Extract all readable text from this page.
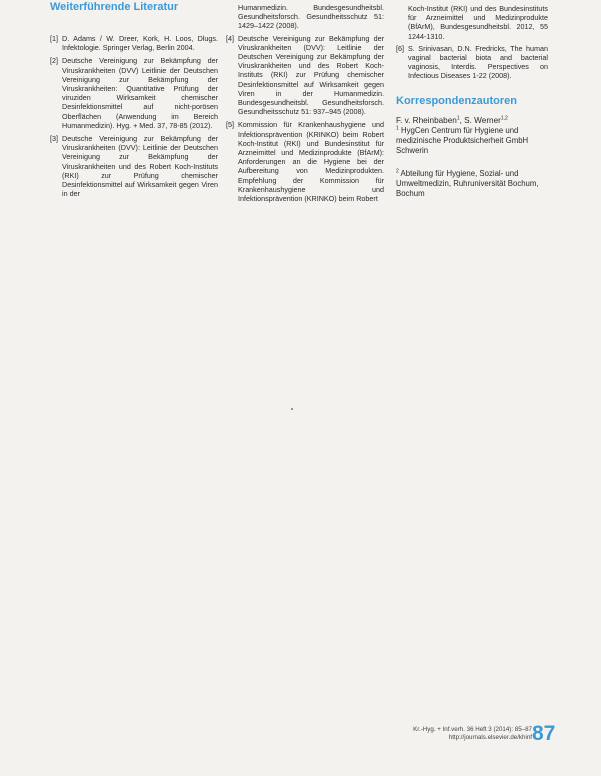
Weiterführende Literatur
[1] D. Adams / W. Dreer, Kork, H. Loos, Dlugs. Infektologie. Springer Verlag, Berlin 2004.
[2] Deutsche Vereinigung zur Bekämpfung der Viruskrankheiten (DVV) Leitlinie der Deutschen Vereinigung zur Bekämpfung der Viruskrankheiten: Quantitative Prüfung der viruziden Wirksamkeit chemischer Desinfektionsmittel auf nicht-porösen Oberflächen (Anwendung im Bereich Humanmedizin). Hyg. + Med. 37, 78-85 (2012).
[3] Deutsche Vereinigung zur Bekämpfung der Viruskrankheiten (DVV): Leitlinie der Deutschen Vereinigung zur Bekämpfung der Viruskrankheiten und des Robert Koch-Instituts (RKI) zur Prüfung chemischer Desinfektionsmittel auf Wirksamkeit gegen Viren in der
Humanmedizin. Bundesgesundheitsbl. Gesundheitsforsch. Gesundheitsschutz 51: 1429–1422 (2008).
[4] Deutsche Vereinigung zur Bekämpfung der Viruskrankheiten (DVV): Leitlinie der Deutschen Vereinigung zur Bekämpfung der Viruskrankheiten und des Robert Koch-Instituts (RKI) zur Prüfung chemischer Desinfektionsmittel auf Wirksamkeit gegen Viren in der Humanmedizin. Bundesgesundheitsbl. Gesundheitsforsch. Gesundheitsschutz 51: 937–945 (2008).
[5] Kommission für Krankenhaushygiene und Infektionsprävention (KRINKO) beim Robert Koch-Institut (RKI) und Bundesinstitut für Arzneimittel und Medizinprodukte (BfArM): Anforderungen an die Hygiene bei der Aufbereitung von Medizinprodukten. Empfehlung der Kommission für Krankenhaushygiene und Infektionsprävention (KRINKO) beim Robert
Koch-Institut (RKI) und des Bundesinstituts für Arzneimittel und Medizinprodukte (BfArM), Bundesgesundheitsbl. 2012, 55 1244-1310.
[6] S. Srinivasan, D.N. Fredricks, The human vaginal bacterial biota and bacterial vaginosis, Interdis. Perspectives on Infectious Diseases 1-22 (2008).
Korrespondenzautoren
F. v. Rheinbaben$^1$, S. Werner$^{1,2}$

$^1$ HygCen Centrum für Hygiene und medizinische Produktsicherheit GmbH Schwerin

$^2$ Abteilung für Hygiene, Sozial- und Umweltmedizin, Ruhruniversität Bochum, Bochum

Kr.-Hyg. + Inf.verh. 36 Heft 3 (2014): 85–87
http://journals.elsevier.de/khinf 87
